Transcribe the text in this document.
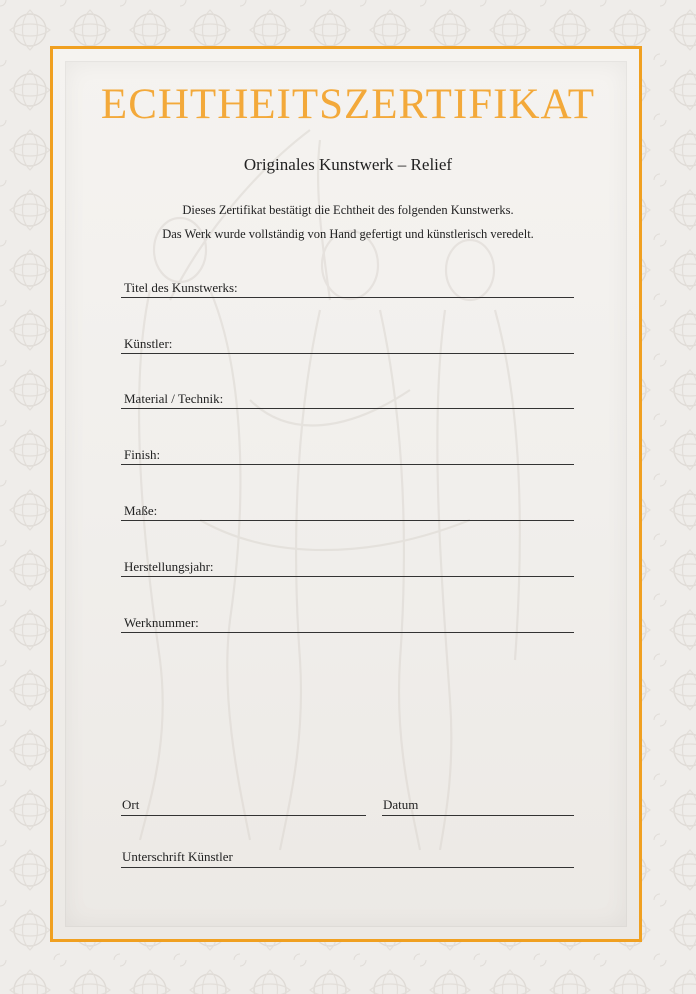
ECHTHEITSZERTIFIKAT
Originales Kunstwerk – Relief
Dieses Zertifikat bestätigt die Echtheit des folgenden Kunstwerks.
Das Werk wurde vollständig von Hand gefertigt und künstlerisch veredelt.
Titel des Kunstwerks:
Künstler:
Material / Technik:
Finish:
Maße:
Herstellungsjahr:
Werknummer:
Ort	Datum
Unterschrift Künstler
